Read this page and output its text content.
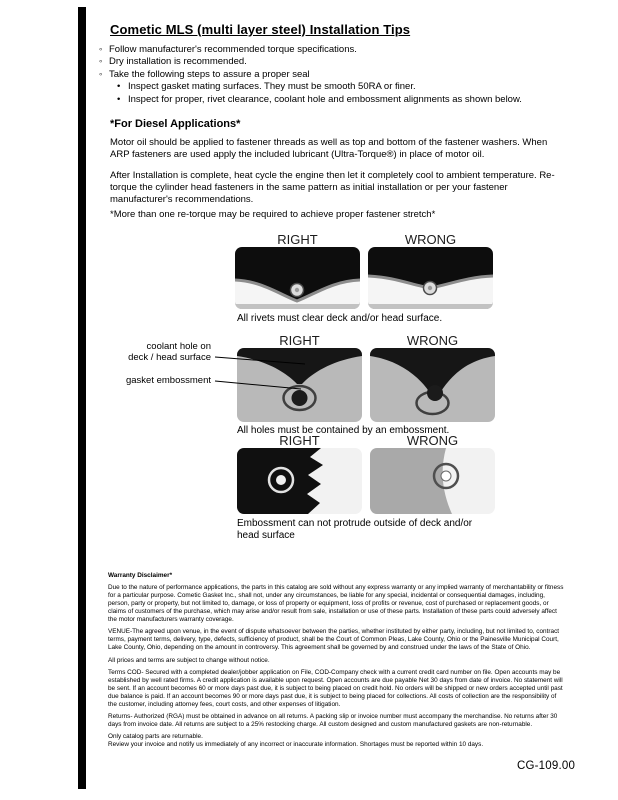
Cometic MLS (multi layer steel) Installation Tips
◦ Follow manufacturer's recommended torque specifications.
◦ Dry installation is recommended.
◦ Take the following steps to assure a proper seal
• Inspect gasket mating surfaces. They must be smooth 50RA or finer.
• Inspect for proper, rivet clearance, coolant hole and embossment alignments as shown below.
*For Diesel Applications*

Motor oil should be applied to fastener threads as well as top and bottom of the fastener washers. When ARP fasteners are used apply the included lubricant (Ultra-Torque®) in place of motor oil.

After Installation is complete, heat cycle the engine then let it completely cool to ambient temperature. Re-torque the cylinder head fasteners in the same pattern as initial installation or per your fastener manufacturer's recommendations.

*More than one re-torque may be required to achieve proper fastener stretch*

RIGHT	WRONG
All rivets must clear deck and/or head surface.
RIGHT	WRONG
coolant hole on
deck / head surface
gasket embossment
All holes must be contained by an embossment.
RIGHT	WRONG
Embossment can not protrude outside of deck and/or head surface

Warranty Disclaimer*

Due to the nature of performance applications, the parts in this catalog are sold without any express warranty or any implied warranty of merchantability or fitness for a particular purpose. Cometic Gasket Inc., shall not, under any circumstances, be liable for any special, incidental or consequential damages, including, person, party or property, but not limited to, damage, or loss of property or equipment, loss of profits or revenue, cost of purchased or replacement goods, or claims of customers of the purchase, which may arise and/or result from sale, installation or use of these parts. Installation of these parts could adversely affect the motor manufacturers warranty coverage.

VENUE-The agreed upon venue, in the event of dispute whatsoever between the parties, whether instituted by either party, including, but not limited to, contract terms, payment terms, delivery, type, defects, sufficiency of product, shall be the Court of Common Pleas, Lake County, Ohio or the Painesville Municipal Court, Lake County, Ohio, depending on the amount in controversy. This agreement shall be governed by and construed under the laws of the State of Ohio.

All prices and terms are subject to change without notice.

Terms COD- Secured with a completed dealer/jobber application on File, COD-Company check with a current credit card number on file. Open accounts may be established by well rated firms. A credit application is available upon request. Open accounts are due payable Net 30 days from date of invoice. No statement will be sent. If an account becomes 60 or more days past due, it is subject to being placed on credit hold. No orders will be shipped or new orders accepted until past due balance is paid. If an account becomes 90 or more days past due, it is subject to being placed for collections. All costs of collection are the responsibility of the customer, including attorney fees, court costs, and other expenses of litigation.

Returns- Authorized (RGA) must be obtained in advance on all returns. A packing slip or invoice number must accompany the merchandise. No returns after 30 days from invoice date. All returns are subject to a 25% restocking charge. All custom designed and custom manufactured gaskets are non-returnable.

Only catalog parts are returnable.

Review your invoice and notify us immediately of any incorrect or inaccurate information. Shortages must be reported within 10 days.

CG-109.00
